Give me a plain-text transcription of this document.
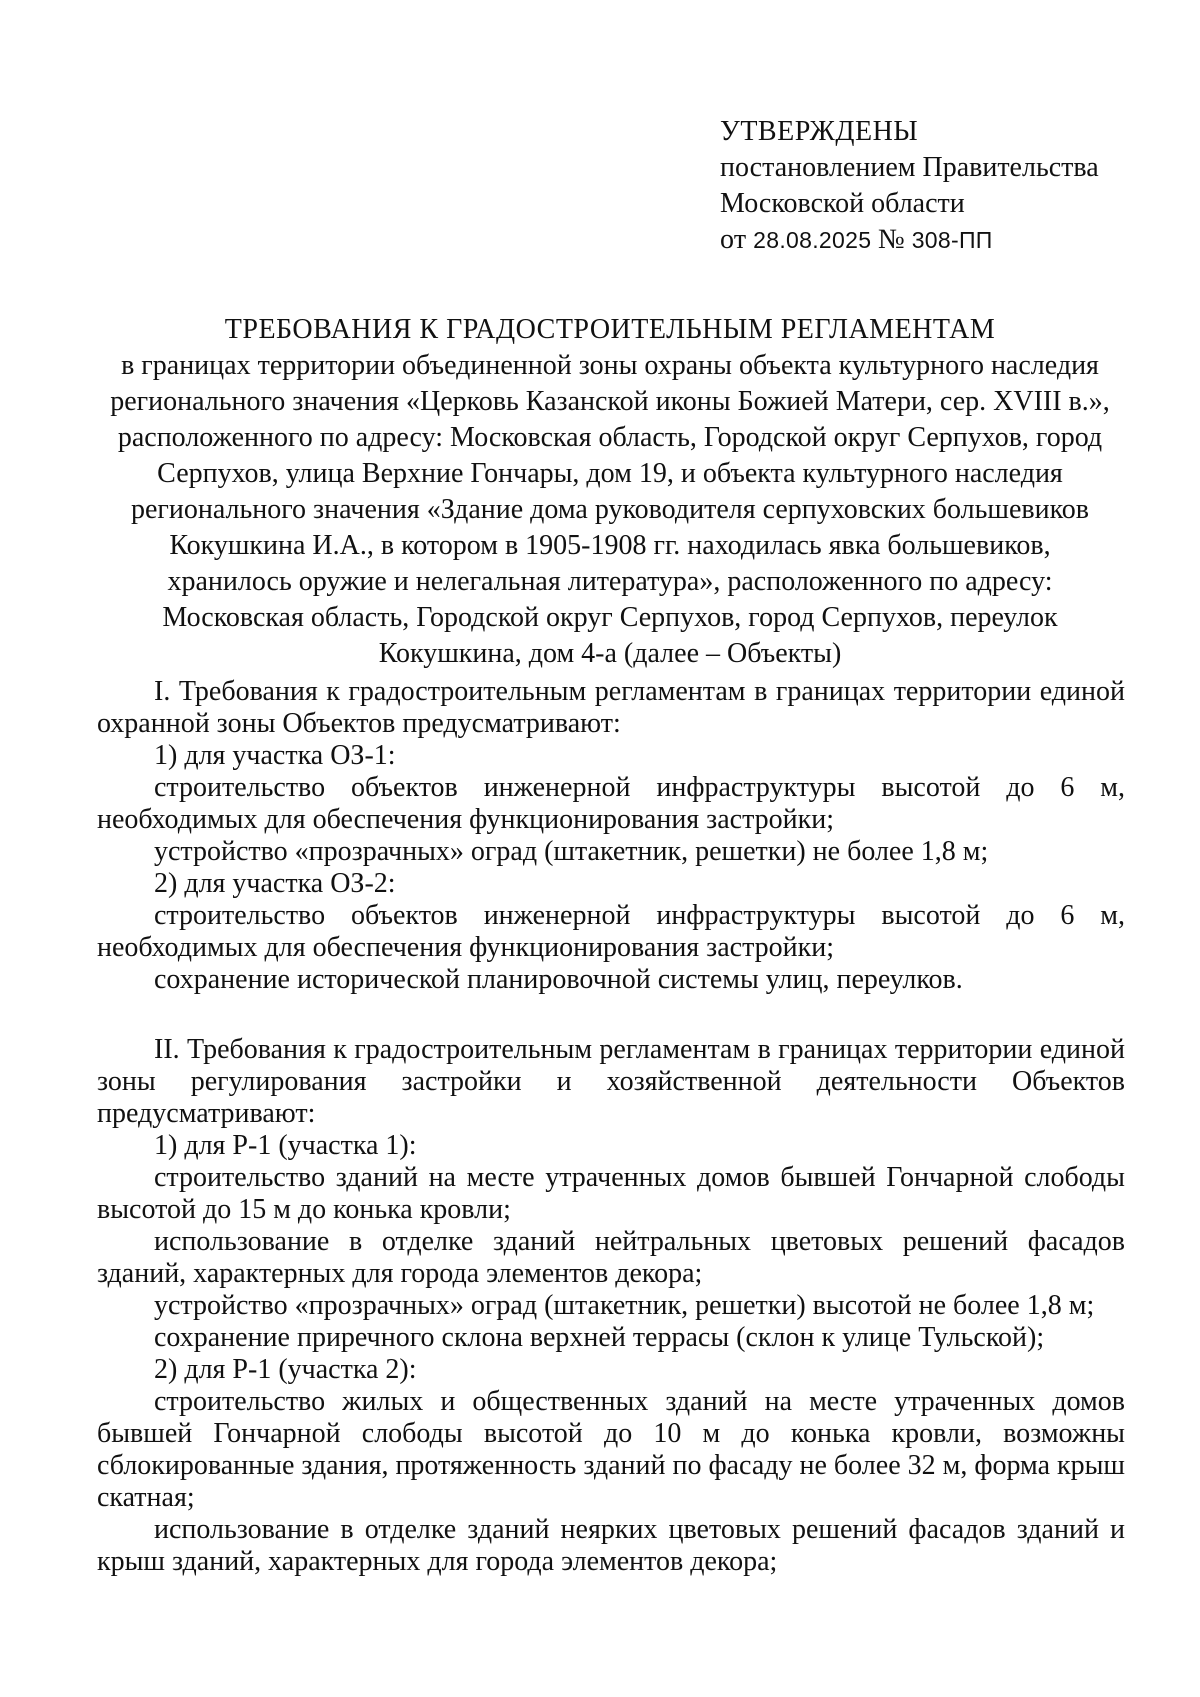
УТВЕРЖДЕНЫ
постановлением Правительства
Московской области
от 28.08.2025 № 308-ПП
ТРЕБОВАНИЯ К ГРАДОСТРОИТЕЛЬНЫМ РЕГЛАМЕНТАМ
в границах территории объединенной зоны охраны объекта культурного наследия
регионального значения «Церковь Казанской иконы Божией Матери, сер. XVIII в.»,
расположенного по адресу: Московская область, Городской округ Серпухов, город
Серпухов, улица Верхние Гончары, дом 19, и объекта культурного наследия
регионального значения «Здание дома руководителя серпуховских большевиков
Кокушкина И.А., в котором в 1905-1908 гг. находилась явка большевиков,
хранилось оружие и нелегальная литература», расположенного по адресу:
Московская область, Городской округ Серпухов, город Серпухов, переулок
Кокушкина, дом 4-а (далее – Объекты)

I. Требования к градостроительным регламентам в границах территории единой охранной зоны Объектов предусматривают:

1) для участка ОЗ-1:

строительство объектов инженерной инфраструктуры высотой до 6 м, необходимых для обеспечения функционирования застройки;

устройство «прозрачных» оград (штакетник, решетки) не более 1,8 м;

2) для участка ОЗ-2:

строительство объектов инженерной инфраструктуры высотой до 6 м, необходимых для обеспечения функционирования застройки;

сохранение исторической планировочной системы улиц, переулков.

II. Требования к градостроительным регламентам в границах территории единой зоны регулирования застройки и хозяйственной деятельности Объектов предусматривают:

1) для Р-1 (участка 1):

строительство зданий на месте утраченных домов бывшей Гончарной слободы высотой до 15 м до конька кровли;

использование в отделке зданий нейтральных цветовых решений фасадов зданий, характерных для города элементов декора;

устройство «прозрачных» оград (штакетник, решетки) высотой не более 1,8 м;

сохранение приречного склона верхней террасы (склон к улице Тульской);

2) для Р-1 (участка 2):

строительство жилых и общественных зданий на месте утраченных домов бывшей Гончарной слободы высотой до 10 м до конька кровли, возможны сблокированные здания, протяженность зданий по фасаду не более 32 м, форма крыш скатная;

использование в отделке зданий неярких цветовых решений фасадов зданий и крыш зданий, характерных для города элементов декора;
